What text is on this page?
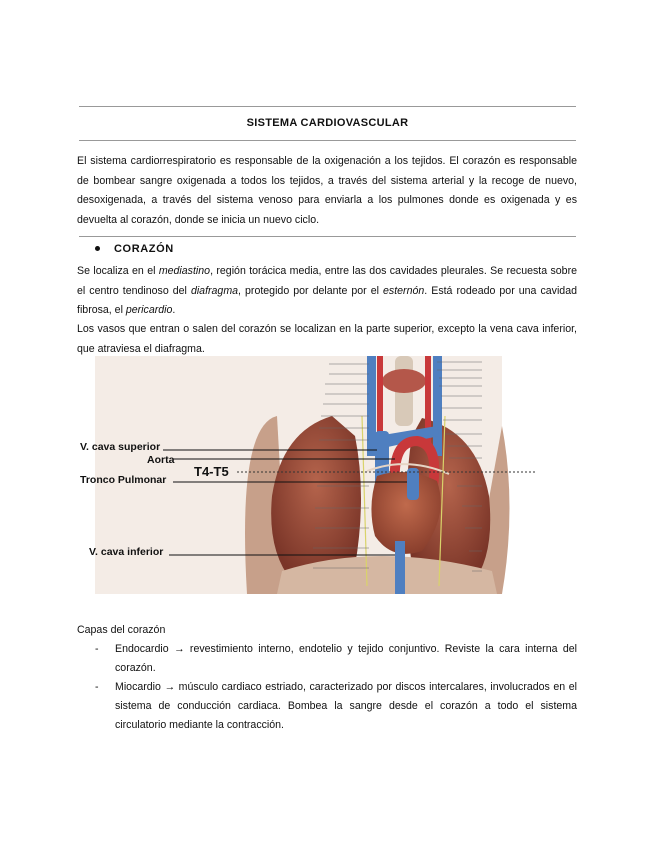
SISTEMA CARDIOVASCULAR

El sistema cardiorrespiratorio es responsable de la oxigenación a los tejidos. El corazón es responsable de bombear sangre oxigenada a todos los tejidos, a través del sistema arterial y la recoge de nuevo, desoxigenada, a través del sistema venoso para enviarla a los pulmones donde es oxigenada y es devuelta al corazón, donde se inicia un nuevo ciclo.

CORAZÓN

Se localiza en el mediastino, región torácica media, entre las dos cavidades pleurales. Se recuesta sobre el centro tendinoso del diafragma, protegido por delante por el esternón. Está rodeado por una cavidad fibrosa, el pericardio.

Los vasos que entran o salen del corazón se localizan en la parte superior, excepto la vena cava inferior, que atraviesa el diafragma.

V. cava superior
Aorta
T4-T5
Tronco Pulmonar
V. cava inferior
Capas del corazón
- Endocardio → revestimiento interno, endotelio y tejido conjuntivo. Reviste la cara interna del corazón.
- Miocardio → músculo cardiaco estriado, caracterizado por discos intercalares, involucrados en el sistema de conducción cardiaca. Bombea la sangre desde el corazón a todo el sistema circulatorio mediante la contracción.
